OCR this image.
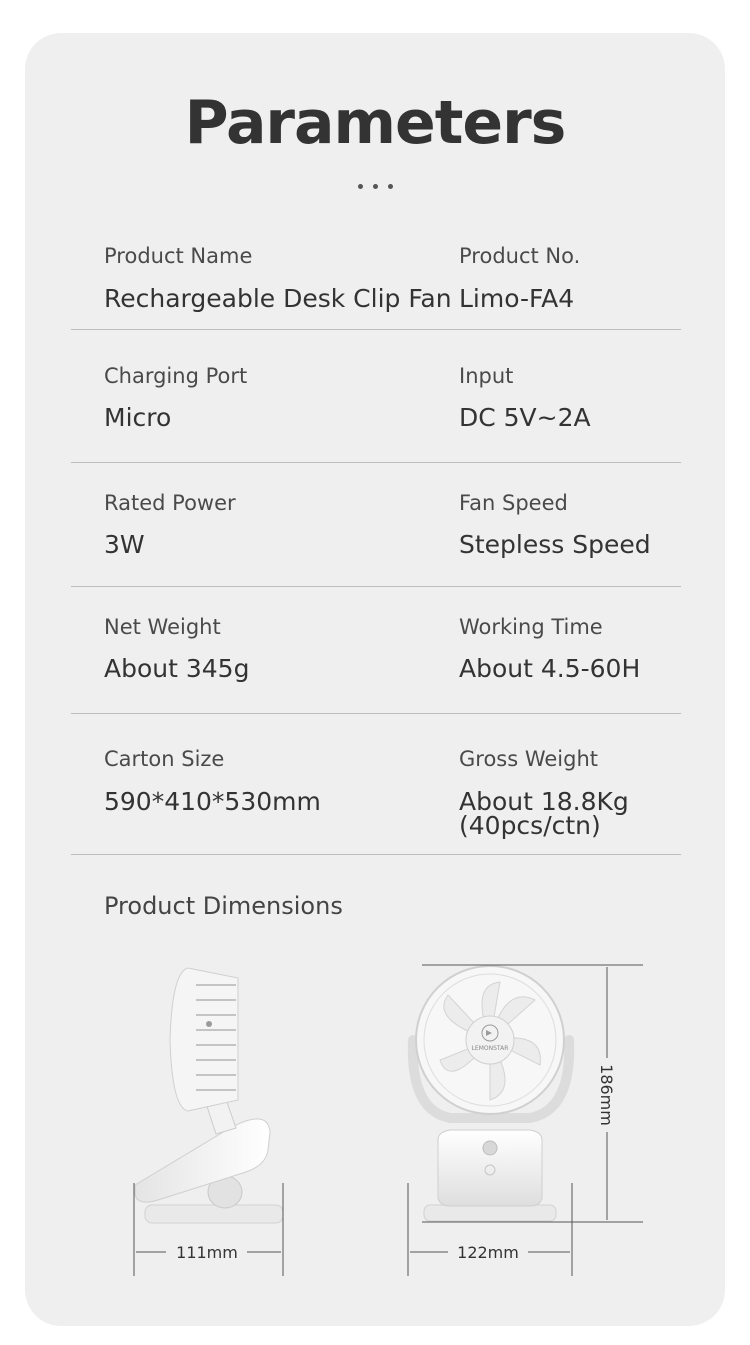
Parameters
Product Name
Rechargeable Desk Clip Fan
Product No.
Limo-FA4
Charging Port
Micro
Input
DC 5V~2A
Rated Power
3W
Fan Speed
Stepless Speed
Net Weight
About 345g
Working Time
About 4.5-60H
Carton Size
590*410*530mm
Gross Weight
About 18.8Kg
(40pcs/ctn)
Product Dimensions
111mm
LEMONSTAR
122mm
186mm
